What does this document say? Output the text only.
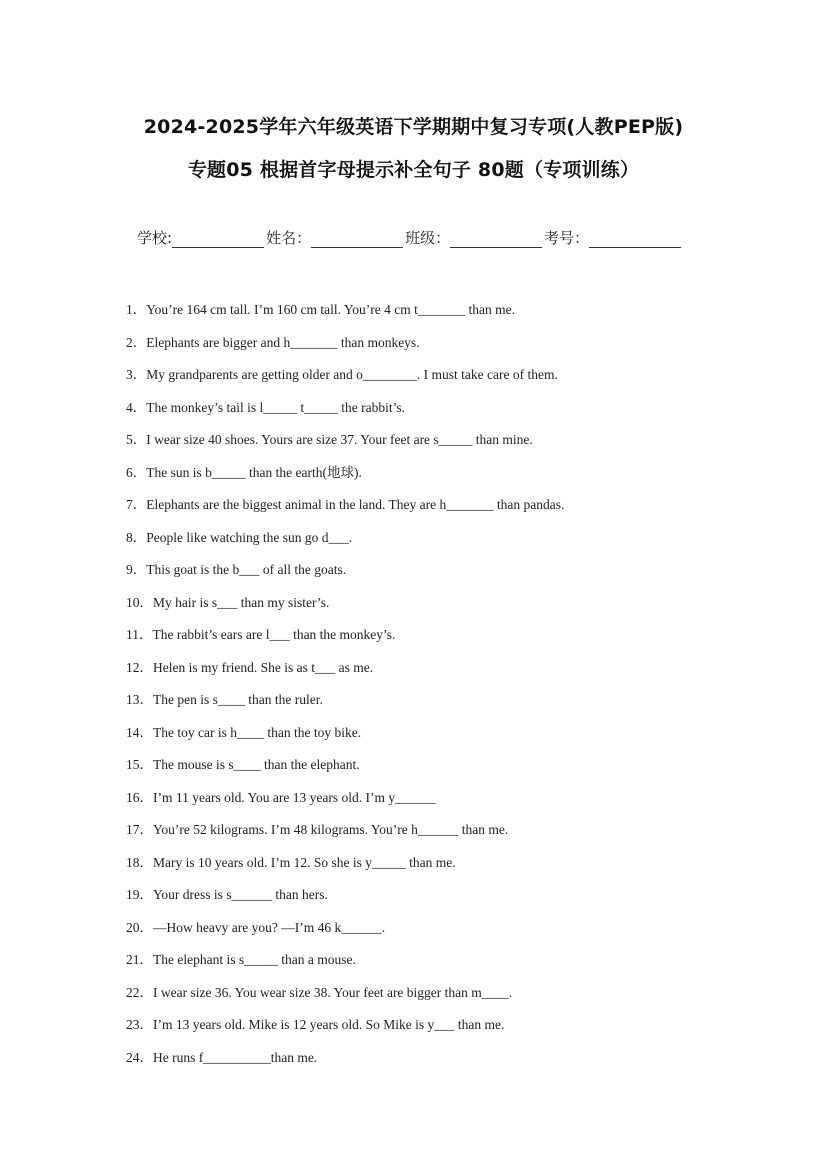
2024-2025学年六年级英语下学期期中复习专项(人教PEP版)
专题05 根据首字母提示补全句子 80题（专项训练）
学校:	姓名：	班级：	考号：
1．You’re 164 cm tall. I’m 160 cm tall. You’re 4 cm t_______ than me.
2．Elephants are bigger and h_______ than monkeys.
3．My grandparents are getting older and o________. I must take care of them.
4．The monkey’s tail is l_____ t_____ the rabbit’s.
5．I wear size 40 shoes. Yours are size 37. Your feet are s_____ than mine.
6．The sun is b_____ than the earth(地球).
7．Elephants are the biggest animal in the land. They are h_______ than pandas.
8．People like watching the sun go d___.
9．This goat is the b___ of all the goats.
10．My hair is s___ than my sister’s.
11．The rabbit’s ears are l___ than the monkey’s.
12．Helen is my friend. She is as t___ as me.
13．The pen is s____ than the ruler.
14．The toy car is h____ than the toy bike.
15．The mouse is s____ than the elephant.
16．I’m 11 years old. You are 13 years old. I’m y______
17．You’re 52 kilograms. I’m 48 kilograms. You’re h______ than me.
18．Mary is 10 years old. I’m 12. So she is y_____ than me.
19．Your dress is s______ than hers.
20．—How heavy are you? —I’m 46 k______.
21．The elephant is s_____ than a mouse.
22．I wear size 36. You wear size 38. Your feet are bigger than m____.
23．I’m 13 years old. Mike is 12 years old. So Mike is y___ than me.
24．He runs f__________than me.
